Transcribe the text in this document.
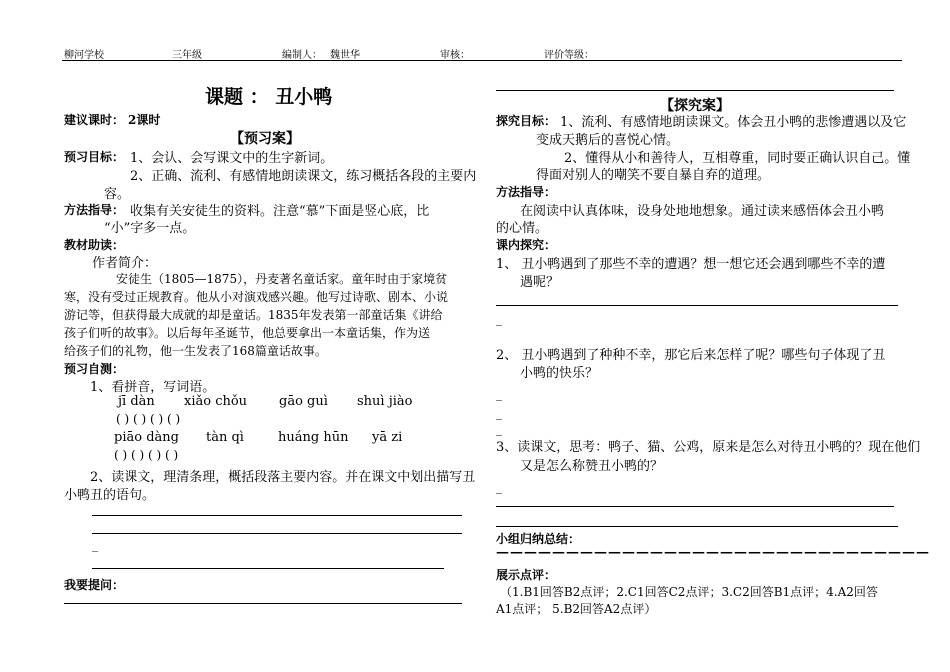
柳河学校	三年级	编制人： 魏世华	审核：	评价等级：
课题 ： 丑小鸭
建议课时： 2课时
【预习案】
预习目标： 1、会认、会写课文中的生字新词。
2、正确、流利、有感情地朗读课文，练习概括各段的主要内
容。
方法指导： 收集有关安徒生的资料。注意“慕”下面是竖心底，比
“小”字多一点。
教材助读：
作者简介：
安徒生（1805—1875），丹麦著名童话家。童年时由于家境贫
寒，没有受过正规教育。他从小对演戏感兴趣。他写过诗歌、剧本、小说
游记等，但获得最大成就的却是童话。1835年发表第一部童话集《讲给
孩子们听的故事》。以后每年圣诞节，他总要拿出一本童话集，作为送
给孩子们的礼物，他一生发表了168篇童话故事。
预习自测：
1、看拼音，写词语。
jī dàn xiǎo chǒu gāo guì shuì jiào
( ) ( ) ( ) ( )
piāo dàng tàn qì	huáng hūn yā zi
( ) ( ) ( ) ( )
2、读课文，理清条理，概括段落主要内容。并在课文中划出描写丑
小鸭丑的语句。
_
我要提问：
【探究案】
探究目标： 1、流利、有感情地朗读课文。体会丑小鸭的悲惨遭遇以及它
变成天鹅后的喜悦心情。
2、懂得从小和善待人，互相尊重，同时要正确认识自己。懂
得面对别人的嘲笑不要自暴自弃的道理。
方法指导：
在阅读中认真体味，设身处地地想象。通过读来感悟体会丑小鸭
的心情。
课内探究：
1、 丑小鸭遇到了那些不幸的遭遇？想一想它还会遇到哪些不幸的遭
遇呢？
_
2、 丑小鸭遇到了种种不幸，那它后来怎样了呢？哪些句子体现了丑
小鸭的快乐？
_
_
_
3、读课文，思考：鸭子、猫、公鸡，原来是怎么对待丑小鸭的？现在他们
又是怎么称赞丑小鸭的？
_
小组归纳总结：
———————————————————————————————
展示点评：
（1.B1回答B2点评；2.C1回答C2点评；3.C2回答B1点评；4.A2回答
A1点评； 5.B2回答A2点评）
